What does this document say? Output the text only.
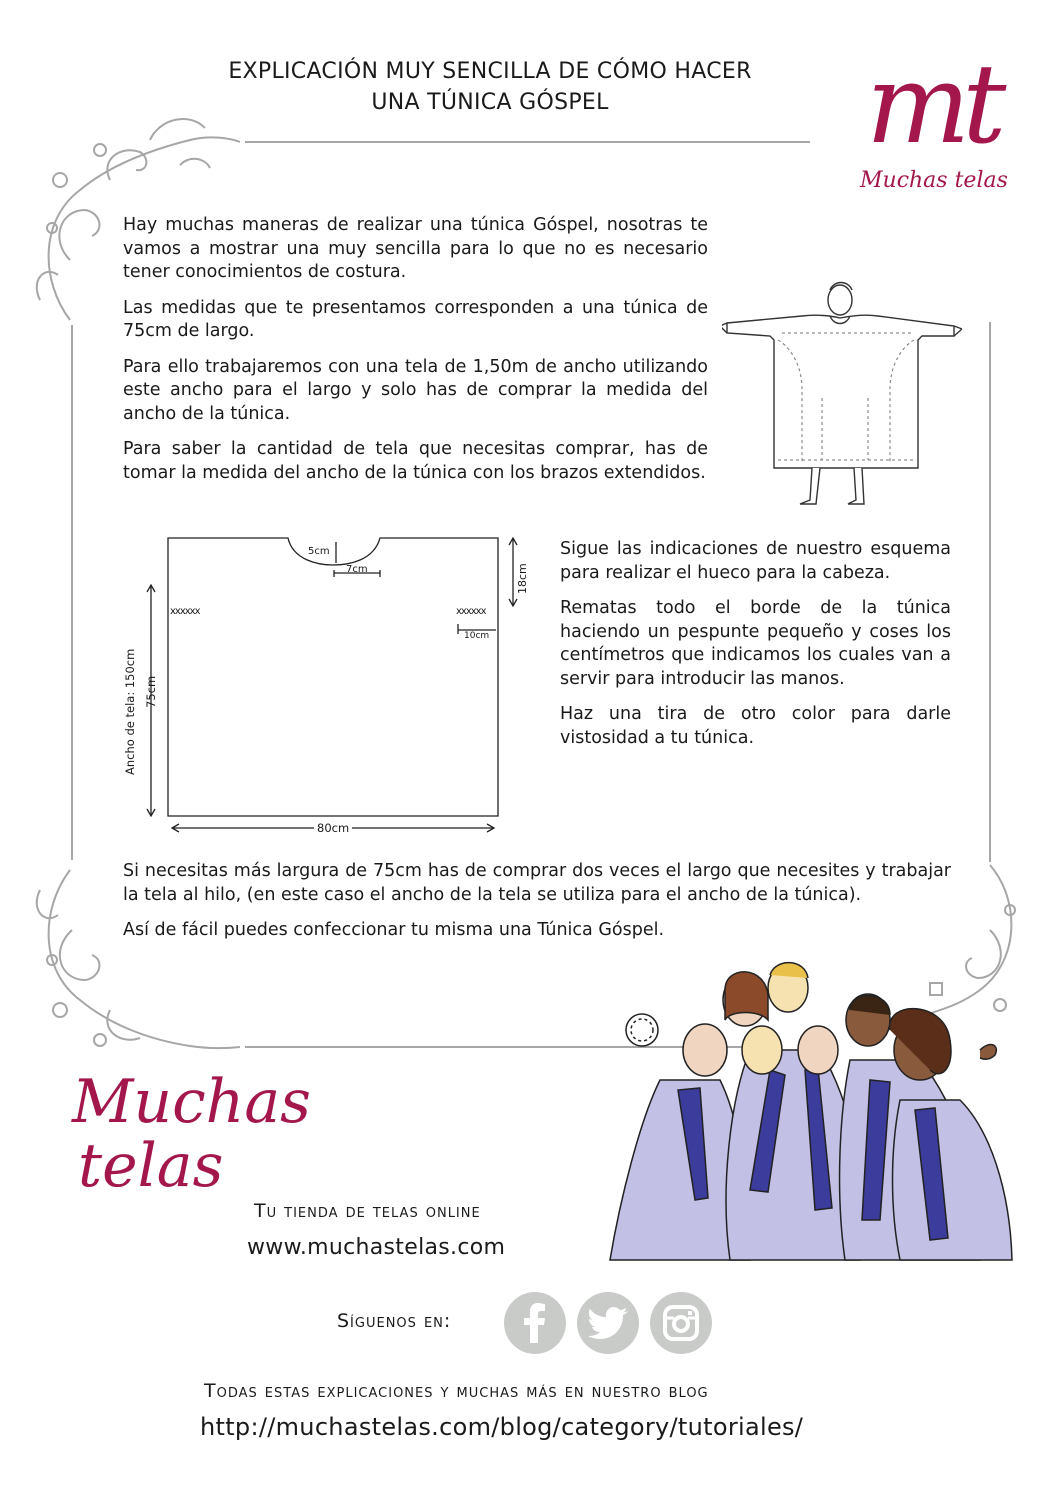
EXPLICACIÓN MUY SENCILLA DE CÓMO HACER
UNA TÚNICA GÓSPEL	mt
Muchas telas

Hay muchas maneras de realizar una túnica Góspel, nosotras te vamos a mostrar una muy sencilla para lo que no es necesario tener conocimientos de costura.

Las medidas que te presentamos corresponden a una túnica de 75cm de largo.

Para ello trabajaremos con una tela de 1,50m de ancho utilizando este ancho para el largo y solo has de comprar la medida del ancho de la túnica.

Para saber la cantidad de tela que necesitas comprar, has de tomar la medida del ancho de la túnica con los brazos extendidos.

5cm
7cm	18cm
xxxxxx	xxxxxx
10cm
Ancho de tela: 150cm 75cm
80cm

Sigue las indicaciones de nuestro esquema para realizar el hueco para la cabeza.

Rematas todo el borde de la túnica haciendo un pespunte pequeño y coses los centímetros que indicamos los cuales van a servir para introducir las manos.

Haz una tira de otro color para darle vistosidad a tu túnica.

Si necesitas más largura de 75cm has de comprar dos veces el largo que necesites y trabajar la tela al hilo, (en este caso el ancho de la tela se utiliza para el ancho de la túnica).

Así de fácil puedes confeccionar tu misma una Túnica Góspel.

Muchas
telas
Tu tienda de telas online
www.muchastelas.com
Síguenos en:
Todas estas explicaciones y muchas más en nuestro blog
http://muchastelas.com/blog/category/tutoriales/
